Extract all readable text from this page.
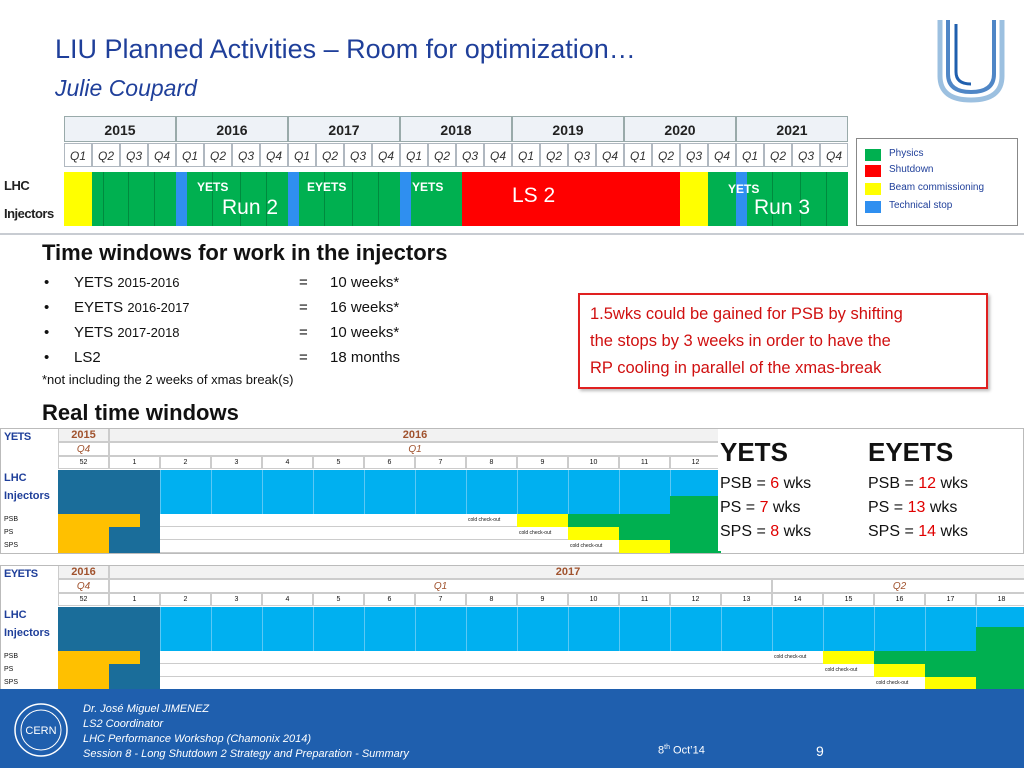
LIU Planned Activities – Room for optimization…
Julie Coupard
2015
Q1 Q2 Q3 Q4
2016
Q1 Q2 Q3 Q4
2017
Q1 Q2 Q3 Q4
2018
Q1 Q2 Q3 Q4
2019
Q1 Q2 Q3 Q4
2020
Q1 Q2 Q3 Q4
2021
Q1 Q2 Q3 Q4
LHC
Injectors
YETS	EYETS	YETS	YETS
Run 2
LS 2
Run 3
Physics
Shutdown
Beam commissioning
Technical stop
Time windows for work in the injectors
• YETS 2015-2016	= 10 weeks*
• EYETS 2016-2017	= 16 weeks*
• YETS 2017-2018	= 10 weeks*
• LS2	= 18 months
*not including the 2 weeks of xmas break(s)
1.5wks could be gained for PSB by shifting
the stops by 3 weeks in order to have the
RP cooling in parallel of the xmas-break
Real time windows
YETS	2015	2016
Q4	Q1
52	1	2	3	4	5	6	7	8	9	10	11	12
LHC
Injectors
PSB
PS
SPS
cold check-out
cold check-out
cold check-out
EYETS	2016	2017
Q4	Q1	Q2
52	1	2	3	4	5	6	7	8	9	10	11	12	13	14	15	16	17	18
LHC
Injectors
PSB
PS
SPS
cold check-out
cold check-out
cold check-out
YETS	EYETS
PSB = 6 wks
PS = 7 wks
SPS = 8 wks
PSB = 12 wks
PS = 13 wks
SPS = 14 wks
CERN
Dr. José Miguel JIMENEZ
LS2 Coordinator
LHC Performance Workshop (Chamonix 2014)
Session 8 - Long Shutdown 2 Strategy and Preparation - Summary	8th Oct’14	9
